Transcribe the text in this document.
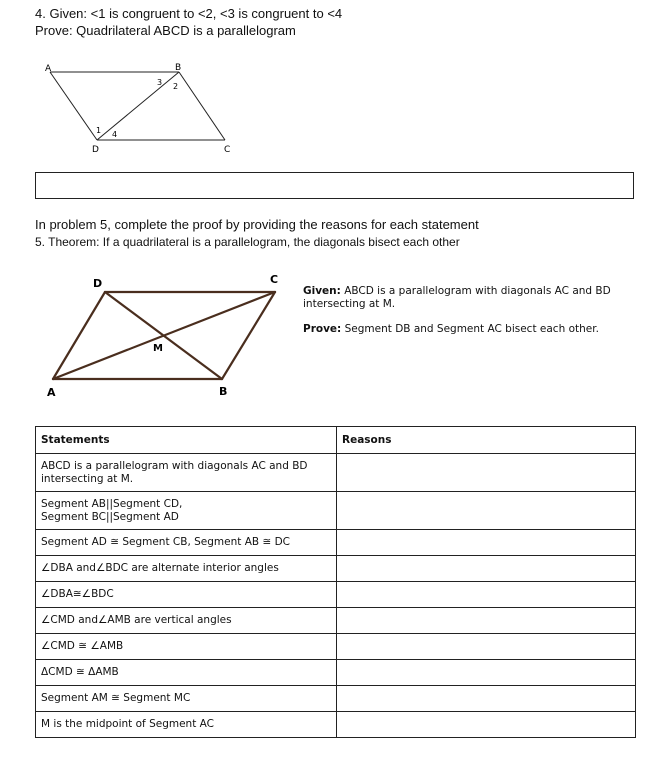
4. Given: <1 is congruent to <2, <3 is congruent to <4
Prove: Quadrilateral ABCD is a parallelogram
A	B
C
D
3 2
1 4
In problem 5, complete the proof by providing the reasons for each statement
5. Theorem: If a quadrilateral is a parallelogram, the diagonals bisect each other
D	C
A	B
M
Given: ABCD is a parallelogram with diagonals AC and BD intersecting at M.
Prove: Segment DB and Segment AC bisect each other.
Statements	Reasons
ABCD is a parallelogram with diagonals AC and BD intersecting at M.	

Segment AB||Segment CD,
Segment BC||Segment AD	

Segment AD ≅ Segment CB, Segment AB ≅ DC	
∠DBA and∠BDC are alternate interior angles	
∠DBA≅∠BDC	
∠CMD and∠AMB are vertical angles	
∠CMD ≅ ∠AMB	
ΔCMD ≅ ΔAMB	
Segment AM ≅ Segment MC	
M is the midpoint of Segment AC	
